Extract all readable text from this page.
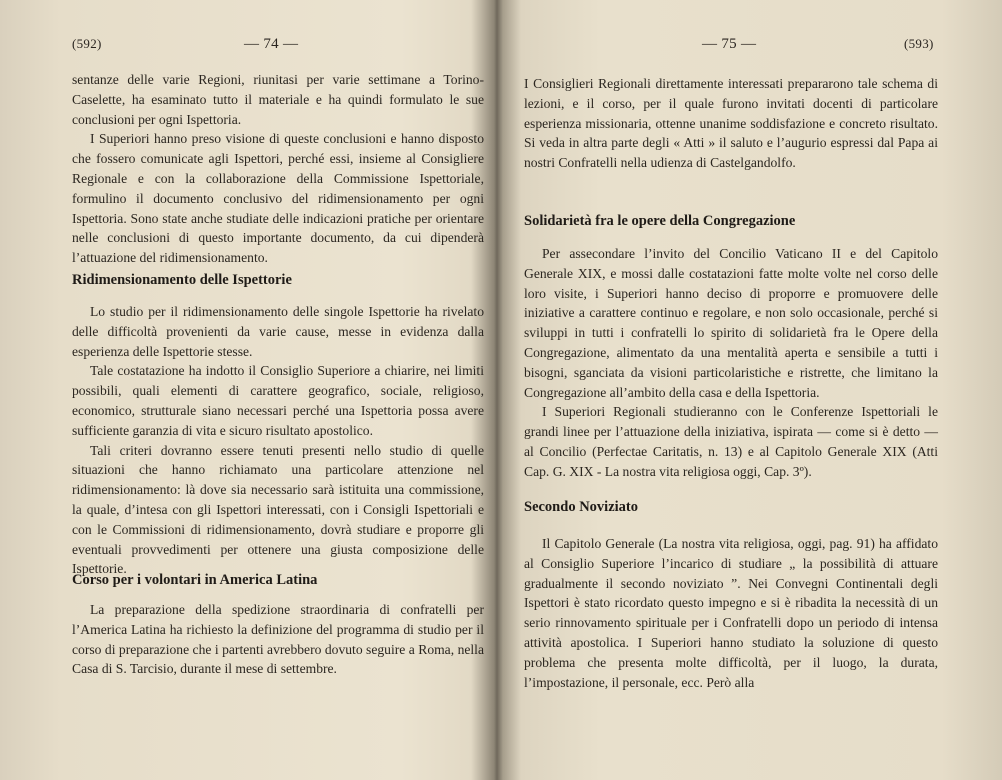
(592)	— 74 —

sentanze delle varie Regioni, riunitasi per varie settimane a Torino-Caselette, ha esaminato tutto il materiale e ha quindi formulato le sue conclusioni per ogni Ispettoria.

I Superiori hanno preso visione di queste conclusioni e hanno disposto che fossero comunicate agli Ispettori, perché essi, insieme al Consigliere Regionale e con la collaborazione della Commissione Ispettoriale, formulino il documento conclusivo del ridimensionamento per ogni Ispettoria. Sono state anche studiate delle indicazioni pratiche per orientare nelle conclusioni di questo importante documento, da cui dipenderà l’attuazione del ridimensionamento.

Ridimensionamento delle Ispettorie

Lo studio per il ridimensionamento delle singole Ispettorie ha rivelato delle difficoltà provenienti da varie cause, messe in evidenza dalla esperienza delle Ispettorie stesse.

Tale costatazione ha indotto il Consiglio Superiore a chiarire, nei limiti possibili, quali elementi di carattere geografico, sociale, religioso, economico, strutturale siano necessari perché una Ispettoria possa avere sufficiente garanzia di vita e sicuro risultato apostolico.

Tali criteri dovranno essere tenuti presenti nello studio di quelle situazioni che hanno richiamato una particolare attenzione nel ridimensionamento: là dove sia necessario sarà istituita una commissione, la quale, d’intesa con gli Ispettori interessati, con i Consigli Ispettoriali e con le Commissioni di ridimensionamento, dovrà studiare e proporre gli eventuali provvedimenti per ottenere una giusta composizione delle Ispettorie.

Corso per i volontari in America Latina

La preparazione della spedizione straordinaria di confratelli per l’America Latina ha richiesto la definizione del programma di studio per il corso di preparazione che i partenti avrebbero dovuto seguire a Roma, nella Casa di S. Tarcisio, durante il mese di settembre.

— 75 —	(593)

I Consiglieri Regionali direttamente interessati prepararono tale schema di lezioni, e il corso, per il quale furono invitati docenti di particolare esperienza missionaria, ottenne unanime soddisfazione e concreto risultato. Si veda in altra parte degli « Atti » il saluto e l’augurio espressi dal Papa ai nostri Confratelli nella udienza di Castelgandolfo.

Solidarietà fra le opere della Congregazione

Per assecondare l’invito del Concilio Vaticano II e del Capitolo Generale XIX, e mossi dalle costatazioni fatte molte volte nel corso delle loro visite, i Superiori hanno deciso di proporre e promuovere delle iniziative a carattere continuo e regolare, e non solo occasionale, perché si sviluppi in tutti i confratelli lo spirito di solidarietà fra le Opere della Congregazione, alimentato da una mentalità aperta e sensibile a tutti i bisogni, sganciata da visioni particolaristiche e ristrette, che limitano la Congregazione all’ambito della casa e della Ispettoria.

I Superiori Regionali studieranno con le Conferenze Ispettoriali le grandi linee per l’attuazione della iniziativa, ispirata — come si è detto — al Concilio (Perfectae Caritatis, n. 13) e al Capitolo Generale XIX (Atti Cap. G. XIX - La nostra vita religiosa oggi, Cap. 3º).

Secondo Noviziato

Il Capitolo Generale (La nostra vita religiosa, oggi, pag. 91) ha affidato al Consiglio Superiore l’incarico di studiare „ la possibilità di attuare gradualmente il secondo noviziato ”. Nei Convegni Continentali degli Ispettori è stato ricordato questo impegno e si è ribadita la necessità di un serio rinnovamento spirituale per i Confratelli dopo un periodo di intensa attività apostolica. I Superiori hanno studiato la soluzione di questo problema che presenta molte difficoltà, per il luogo, la durata, l’impostazione, il personale, ecc. Però alla
